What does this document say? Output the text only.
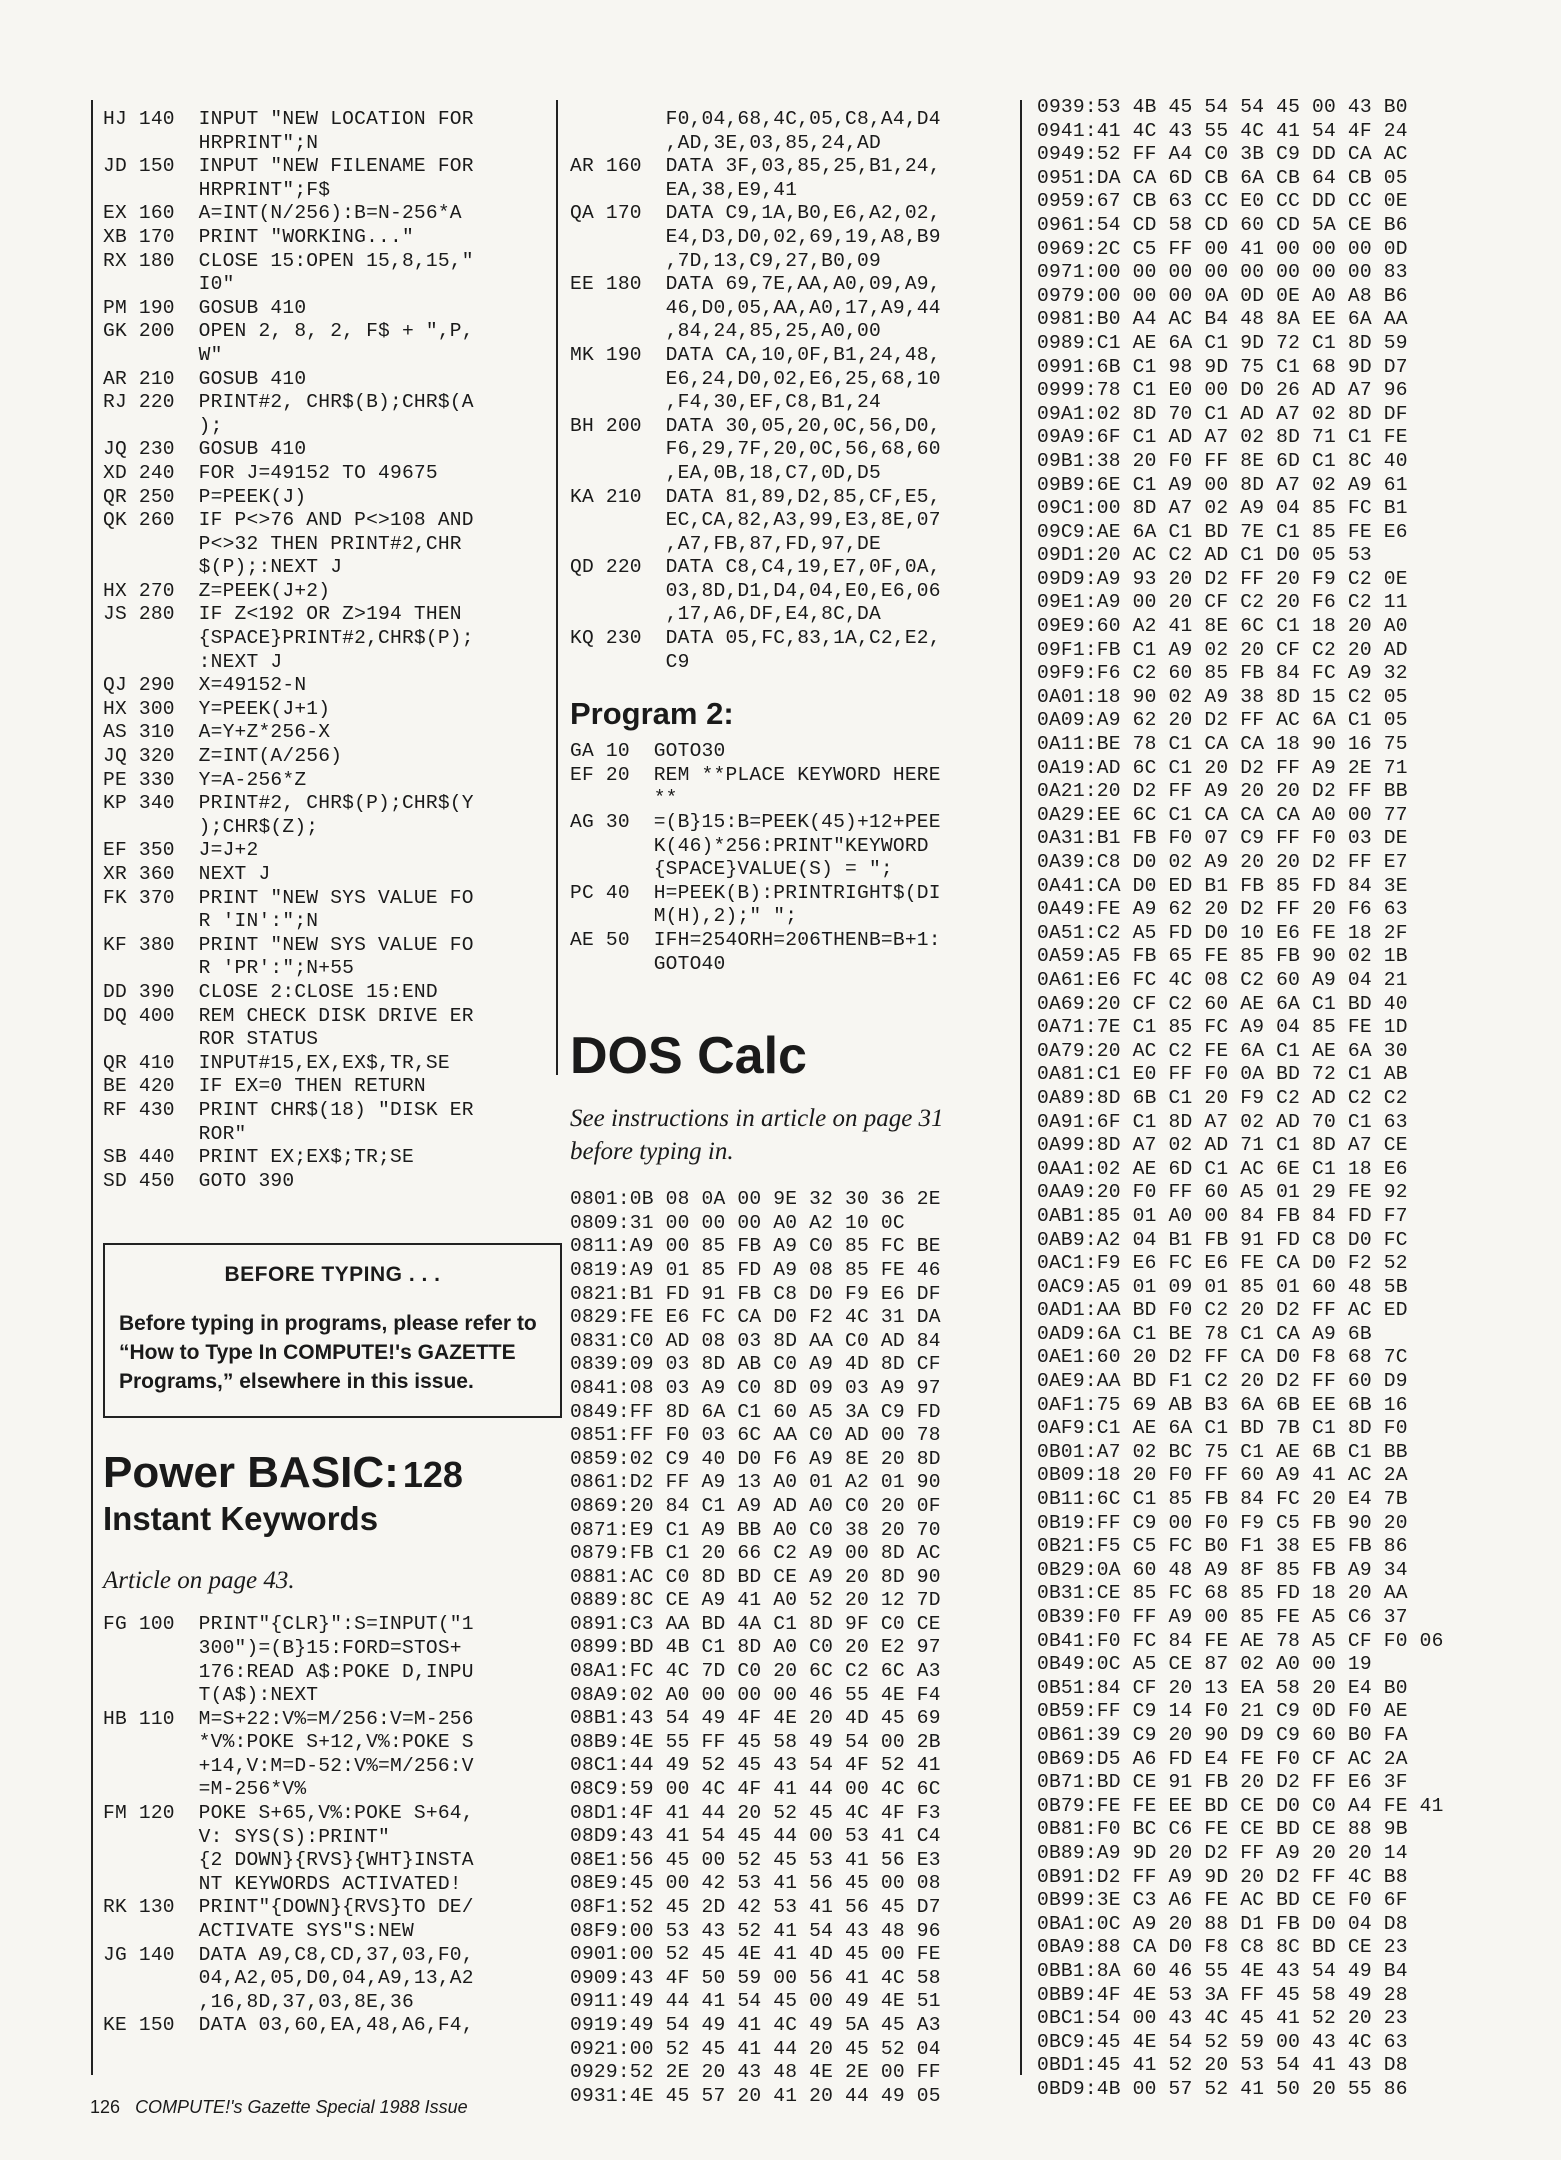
HJ 140  INPUT "NEW LOCATION FOR
HRPRINT";N
JD 150  INPUT "NEW FILENAME FOR
HRPRINT";F$
EX 160  A=INT(N/256):B=N-256*A
XB 170  PRINT "WORKING..."
RX 180  CLOSE 15:OPEN 15,8,15,"
I0"
PM 190  GOSUB 410
GK 200  OPEN 2, 8, 2, F$ + ",P,
W"
AR 210  GOSUB 410
RJ 220  PRINT#2, CHR$(B);CHR$(A
);
JQ 230  GOSUB 410
XD 240  FOR J=49152 TO 49675
QR 250  P=PEEK(J)
QK 260  IF P<>76 AND P<>108 AND
P<>32 THEN PRINT#2,CHR
$(P);:NEXT J
HX 270  Z=PEEK(J+2)
JS 280  IF Z<192 OR Z>194 THEN
{SPACE}PRINT#2,CHR$(P);
:NEXT J
QJ 290  X=49152-N
HX 300  Y=PEEK(J+1)
AS 310  A=Y+Z*256-X
JQ 320  Z=INT(A/256)
PE 330  Y=A-256*Z
KP 340  PRINT#2, CHR$(P);CHR$(Y
);CHR$(Z);
EF 350  J=J+2
XR 360  NEXT J
FK 370  PRINT "NEW SYS VALUE FO
R 'IN':";N
KF 380  PRINT "NEW SYS VALUE FO
R 'PR':";N+55
DD 390  CLOSE 2:CLOSE 15:END
DQ 400  REM CHECK DISK DRIVE ER
ROR STATUS
QR 410  INPUT#15,EX,EX$,TR,SE
BE 420  IF EX=0 THEN RETURN
RF 430  PRINT CHR$(18) "DISK ER
ROR"
SB 440  PRINT EX;EX$;TR;SE
SD 450  GOTO 390
BEFORE TYPING . . .
Before typing in programs, please refer to “How to Type In COMPUTE!'s GAZETTE Programs,” elsewhere in this issue.
Power BASIC: 128
Instant Keywords
Article on page 43.
FG 100  PRINT"{CLR}":S=INPUT("1
300")=(B}15:FORD=STOS+
176:READ A$:POKE D,INPU
T(A$):NEXT
HB 110  M=S+22:V%=M/256:V=M-256
*V%:POKE S+12,V%:POKE S
+14,V:M=D-52:V%=M/256:V
=M-256*V%
FM 120  POKE S+65,V%:POKE S+64,
V: SYS(S):PRINT"
{2 DOWN}{RVS}{WHT}INSTA
NT KEYWORDS ACTIVATED!
RK 130  PRINT"{DOWN}{RVS}TO DE/
ACTIVATE SYS"S:NEW
JG 140  DATA A9,C8,CD,37,03,F0,
04,A2,05,D0,04,A9,13,A2
,16,8D,37,03,8E,36
KE 150  DATA 03,60,EA,48,A6,F4,
F0,04,68,4C,05,C8,A4,D4
,AD,3E,03,85,24,AD
AR 160  DATA 3F,03,85,25,B1,24,
EA,38,E9,41
QA 170  DATA C9,1A,B0,E6,A2,02,
E4,D3,D0,02,69,19,A8,B9
,7D,13,C9,27,B0,09
EE 180  DATA 69,7E,AA,A0,09,A9,
46,D0,05,AA,A0,17,A9,44
,84,24,85,25,A0,00
MK 190  DATA CA,10,0F,B1,24,48,
E6,24,D0,02,E6,25,68,10
,F4,30,EF,C8,B1,24
BH 200  DATA 30,05,20,0C,56,D0,
F6,29,7F,20,0C,56,68,60
,EA,0B,18,C7,0D,D5
KA 210  DATA 81,89,D2,85,CF,E5,
EC,CA,82,A3,99,E3,8E,07
,A7,FB,87,FD,97,DE
QD 220  DATA C8,C4,19,E7,0F,0A,
03,8D,D1,D4,04,E0,E6,06
,17,A6,DF,E4,8C,DA
KQ 230  DATA 05,FC,83,1A,C2,E2,
C9
Program 2:
GA 10  GOTO30
EF 20  REM **PLACE KEYWORD HERE
**
AG 30  =(B}15:B=PEEK(45)+12+PEE
K(46)*256:PRINT"KEYWORD
{SPACE}VALUE(S) = ";
PC 40  H=PEEK(B):PRINTRIGHT$(DI
M(H),2);" ";
AE 50  IFH=254ORH=206THENB=B+1:
GOTO40
DOS Calc
See instructions in article on page 31 before typing in.
0801:0B 08 0A 00 9E 32 30 36 2E
0809:31 00 00 00 A0 A2 10 0C
0811:A9 00 85 FB A9 C0 85 FC BE
0819:A9 01 85 FD A9 08 85 FE 46
0821:B1 FD 91 FB C8 D0 F9 E6 DF
0829:FE E6 FC CA D0 F2 4C 31 DA
0831:C0 AD 08 03 8D AA C0 AD 84
0839:09 03 8D AB C0 A9 4D 8D CF
0841:08 03 A9 C0 8D 09 03 A9 97
0849:FF 8D 6A C1 60 A5 3A C9 FD
0851:FF F0 03 6C AA C0 AD 00 78
0859:02 C9 40 D0 F6 A9 8E 20 8D
0861:D2 FF A9 13 A0 01 A2 01 90
0869:20 84 C1 A9 AD A0 C0 20 0F
0871:E9 C1 A9 BB A0 C0 38 20 70
0879:FB C1 20 66 C2 A9 00 8D AC
0881:AC C0 8D BD CE A9 20 8D 90
0889:8C CE A9 41 A0 52 20 12 7D
0891:C3 AA BD 4A C1 8D 9F C0 CE
0899:BD 4B C1 8D A0 C0 20 E2 97
08A1:FC 4C 7D C0 20 6C C2 6C A3
08A9:02 A0 00 00 00 46 55 4E F4
08B1:43 54 49 4F 4E 20 4D 45 69
08B9:4E 55 FF 45 58 49 54 00 2B
08C1:44 49 52 45 43 54 4F 52 41
08C9:59 00 4C 4F 41 44 00 4C 6C
08D1:4F 41 44 20 52 45 4C 4F F3
08D9:43 41 54 45 44 00 53 41 C4
08E1:56 45 00 52 45 53 41 56 E3
08E9:45 00 42 53 41 56 45 00 08
08F1:52 45 2D 42 53 41 56 45 D7
08F9:00 53 43 52 41 54 43 48 96
0901:00 52 45 4E 41 4D 45 00 FE
0909:43 4F 50 59 00 56 41 4C 58
0911:49 44 41 54 45 00 49 4E 51
0919:49 54 49 41 4C 49 5A 45 A3
0921:00 52 45 41 44 20 45 52 04
0929:52 2E 20 43 48 4E 2E 00 FF
0931:4E 45 57 20 41 20 44 49 05
0939:53 4B 45 54 54 45 00 43 B0
0941:41 4C 43 55 4C 41 54 4F 24
0949:52 FF A4 C0 3B C9 DD CA AC
0951:DA CA 6D CB 6A CB 64 CB 05
0959:67 CB 63 CC E0 CC DD CC 0E
0961:54 CD 58 CD 60 CD 5A CE B6
0969:2C C5 FF 00 41 00 00 00 0D
0971:00 00 00 00 00 00 00 00 83
0979:00 00 00 0A 0D 0E A0 A8 B6
0981:B0 A4 AC B4 48 8A EE 6A AA
0989:C1 AE 6A C1 9D 72 C1 8D 59
0991:6B C1 98 9D 75 C1 68 9D D7
0999:78 C1 E0 00 D0 26 AD A7 96
09A1:02 8D 70 C1 AD A7 02 8D DF
09A9:6F C1 AD A7 02 8D 71 C1 FE
09B1:38 20 F0 FF 8E 6D C1 8C 40
09B9:6E C1 A9 00 8D A7 02 A9 61
09C1:00 8D A7 02 A9 04 85 FC B1
09C9:AE 6A C1 BD 7E C1 85 FE E6
09D1:20 AC C2 AD C1 D0 05 53
09D9:A9 93 20 D2 FF 20 F9 C2 0E
09E1:A9 00 20 CF C2 20 F6 C2 11
09E9:60 A2 41 8E 6C C1 18 20 A0
09F1:FB C1 A9 02 20 CF C2 20 AD
09F9:F6 C2 60 85 FB 84 FC A9 32
0A01:18 90 02 A9 38 8D 15 C2 05
0A09:A9 62 20 D2 FF AC 6A C1 05
0A11:BE 78 C1 CA CA 18 90 16 75
0A19:AD 6C C1 20 D2 FF A9 2E 71
0A21:20 D2 FF A9 20 20 D2 FF BB
0A29:EE 6C C1 CA CA CA A0 00 77
0A31:B1 FB F0 07 C9 FF F0 03 DE
0A39:C8 D0 02 A9 20 20 D2 FF E7
0A41:CA D0 ED B1 FB 85 FD 84 3E
0A49:FE A9 62 20 D2 FF 20 F6 63
0A51:C2 A5 FD D0 10 E6 FE 18 2F
0A59:A5 FB 65 FE 85 FB 90 02 1B
0A61:E6 FC 4C 08 C2 60 A9 04 21
0A69:20 CF C2 60 AE 6A C1 BD 40
0A71:7E C1 85 FC A9 04 85 FE 1D
0A79:20 AC C2 FE 6A C1 AE 6A 30
0A81:C1 E0 FF F0 0A BD 72 C1 AB
0A89:8D 6B C1 20 F9 C2 AD C2 C2
0A91:6F C1 8D A7 02 AD 70 C1 63
0A99:8D A7 02 AD 71 C1 8D A7 CE
0AA1:02 AE 6D C1 AC 6E C1 18 E6
0AA9:20 F0 FF 60 A5 01 29 FE 92
0AB1:85 01 A0 00 84 FB 84 FD F7
0AB9:A2 04 B1 FB 91 FD C8 D0 FC
0AC1:F9 E6 FC E6 FE CA D0 F2 52
0AC9:A5 01 09 01 85 01 60 48 5B
0AD1:AA BD F0 C2 20 D2 FF AC ED
0AD9:6A C1 BE 78 C1 CA A9 6B
0AE1:60 20 D2 FF CA D0 F8 68 7C
0AE9:AA BD F1 C2 20 D2 FF 60 D9
0AF1:75 69 AB B3 6A 6B EE 6B 16
0AF9:C1 AE 6A C1 BD 7B C1 8D F0
0B01:A7 02 BC 75 C1 AE 6B C1 BB
0B09:18 20 F0 FF 60 A9 41 AC 2A
0B11:6C C1 85 FB 84 FC 20 E4 7B
0B19:FF C9 00 F0 F9 C5 FB 90 20
0B21:F5 C5 FC B0 F1 38 E5 FB 86
0B29:0A 60 48 A9 8F 85 FB A9 34
0B31:CE 85 FC 68 85 FD 18 20 AA
0B39:F0 FF A9 00 85 FE A5 C6 37
0B41:F0 FC 84 FE AE 78 A5 CF F0 06
0B49:0C A5 CE 87 02 A0 00 19
0B51:84 CF 20 13 EA 58 20 E4 B0
0B59:FF C9 14 F0 21 C9 0D F0 AE
0B61:39 C9 20 90 D9 C9 60 B0 FA
0B69:D5 A6 FD E4 FE F0 CF AC 2A
0B71:BD CE 91 FB 20 D2 FF E6 3F
0B79:FE FE EE BD CE D0 C0 A4 FE 41
0B81:F0 BC C6 FE CE BD CE 88 9B
0B89:A9 9D 20 D2 FF A9 20 20 14
0B91:D2 FF A9 9D 20 D2 FF 4C B8
0B99:3E C3 A6 FE AC BD CE F0 6F
0BA1:0C A9 20 88 D1 FB D0 04 D8
0BA9:88 CA D0 F8 C8 8C BD CE 23
0BB1:8A 60 46 55 4E 43 54 49 B4
0BB9:4F 4E 53 3A FF 45 58 49 28
0BC1:54 00 43 4C 45 41 52 20 23
0BC9:45 4E 54 52 59 00 43 4C 63
0BD1:45 41 52 20 53 54 41 43 D8
0BD9:4B 00 57 52 41 50 20 55 86
126 COMPUTE!'s Gazette Special 1988 Issue
